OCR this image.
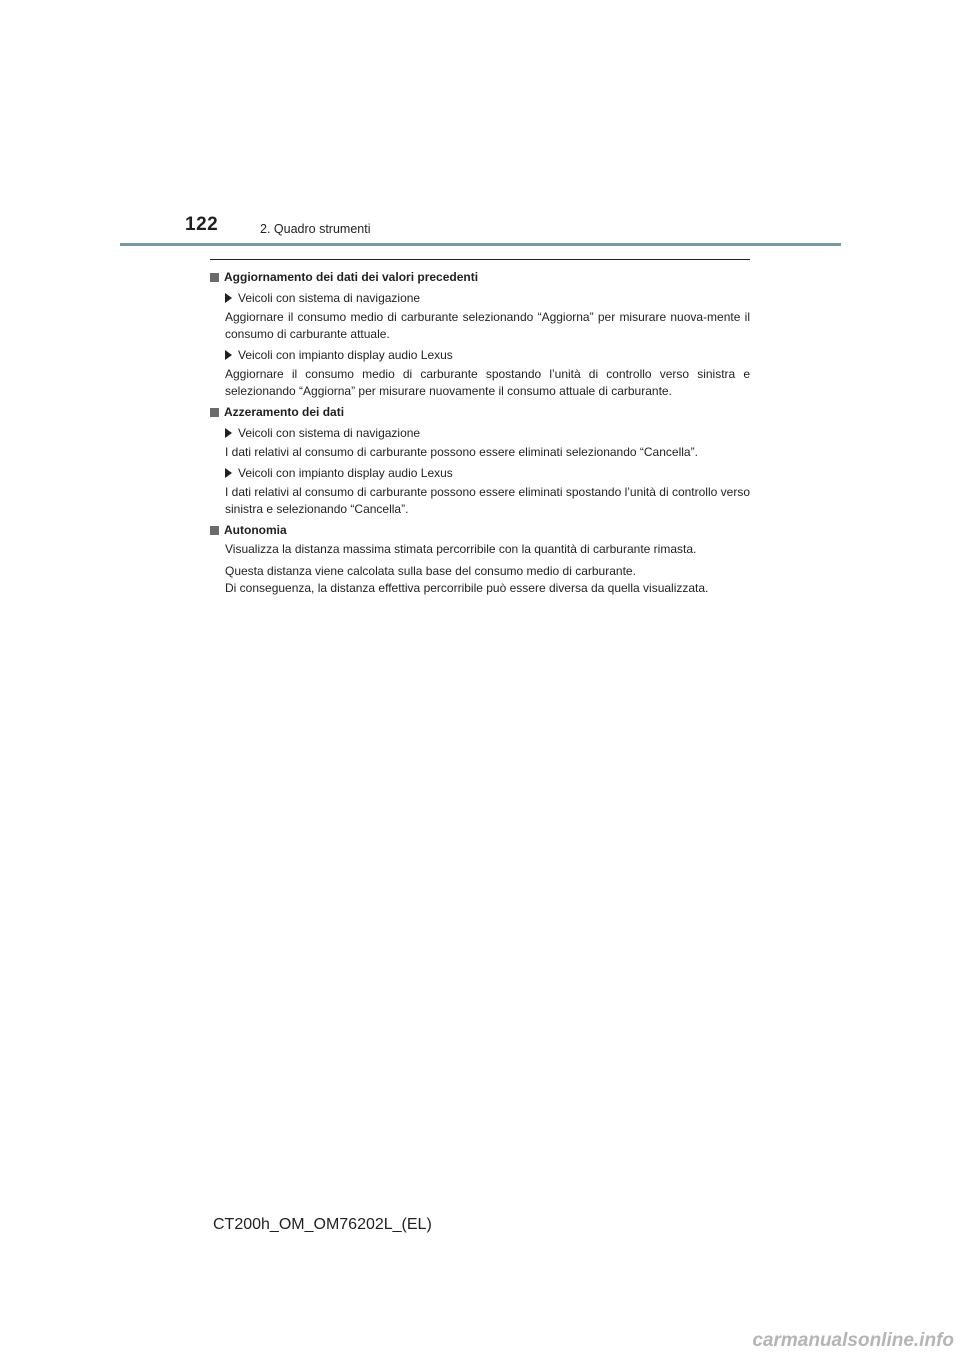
122	2. Quadro strumenti
Aggiornamento dei dati dei valori precedenti
Veicoli con sistema di navigazione
Aggiornare il consumo medio di carburante selezionando “Aggiorna” per misurare nuova-mente il consumo di carburante attuale.
Veicoli con impianto display audio Lexus
Aggiornare il consumo medio di carburante spostando l’unità di controllo verso sinistra e selezionando “Aggiorna” per misurare nuovamente il consumo attuale di carburante.
Azzeramento dei dati
Veicoli con sistema di navigazione
I dati relativi al consumo di carburante possono essere eliminati selezionando “Cancella”.
Veicoli con impianto display audio Lexus
I dati relativi al consumo di carburante possono essere eliminati spostando l’unità di controllo verso sinistra e selezionando “Cancella”.
Autonomia
Visualizza la distanza massima stimata percorribile con la quantità di carburante rimasta.
Questa distanza viene calcolata sulla base del consumo medio di carburante.
Di conseguenza, la distanza effettiva percorribile può essere diversa da quella visualizzata.
CT200h_OM_OM76202L_(EL)
carmanualsonline.info
